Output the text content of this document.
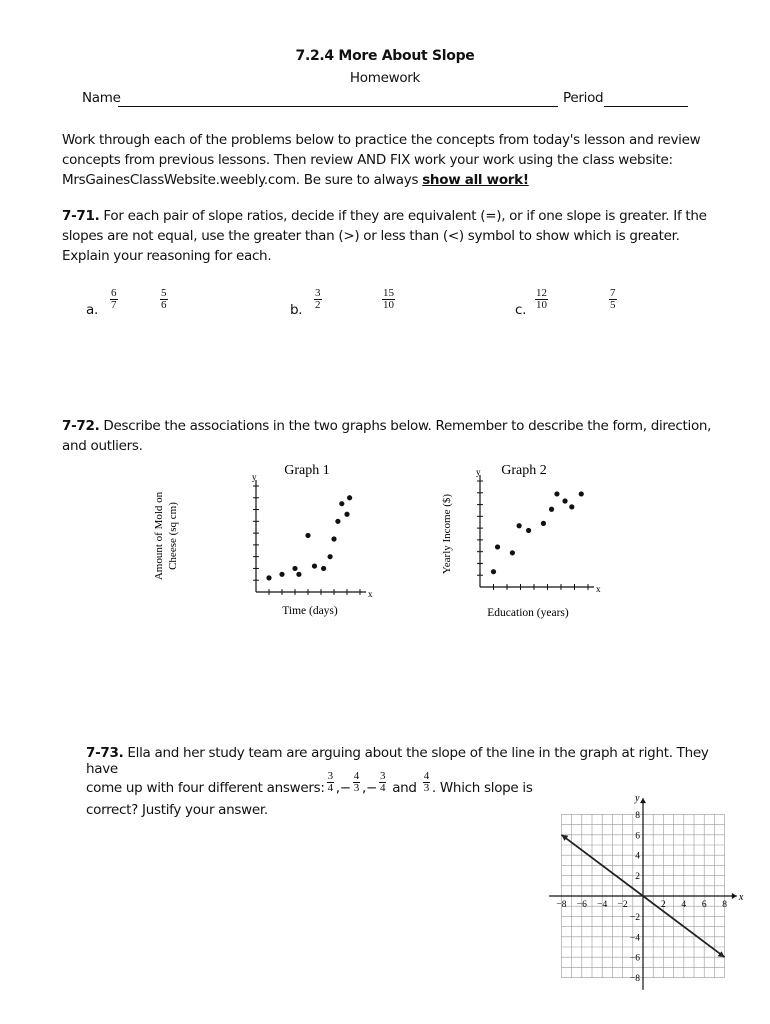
7.2.4 More About Slope
Homework
Name	Period
Work through each of the problems below to practice the concepts from today's lesson and review concepts from previous lessons. Then review AND FIX work your work using the class website: MrsGainesClassWebsite.weebly.com. Be sure to always show all work!
7-71. For each pair of slope ratios, decide if they are equivalent (=), or if one slope is greater. If the slopes are not equal, use the greater than (>) or less than (<) symbol to show which is greater. Explain your reasoning for each.
a. $\frac{6}{7}$	$\frac{5}{6}$	b. $\frac{3}{2}$	$\frac{15}{10}$	c. $\frac{12}{10}$	$\frac{7}{5}$
7-72. Describe the associations in the two graphs below. Remember to describe the form, direction, and outliers.
Graph 1
Amount of Mold on Cheese (sq cm)
Time (days)
y
x
Graph 2
Yearly Income ($)
Education (years)
y
x
7-73. Ella and her study team are arguing about the slope of the line in the graph at right. They have
come up with four different answers: $\frac{3}{4}$ , − $\frac{4}{3}$ , − $\frac{3}{4}$ and $\frac{4}{3}$ . Which slope is
correct? Justify your answer.
x
y
−8 −6 −4 −2	2 4 6 8
8
6
4
2
−2
−4
−6
−8
